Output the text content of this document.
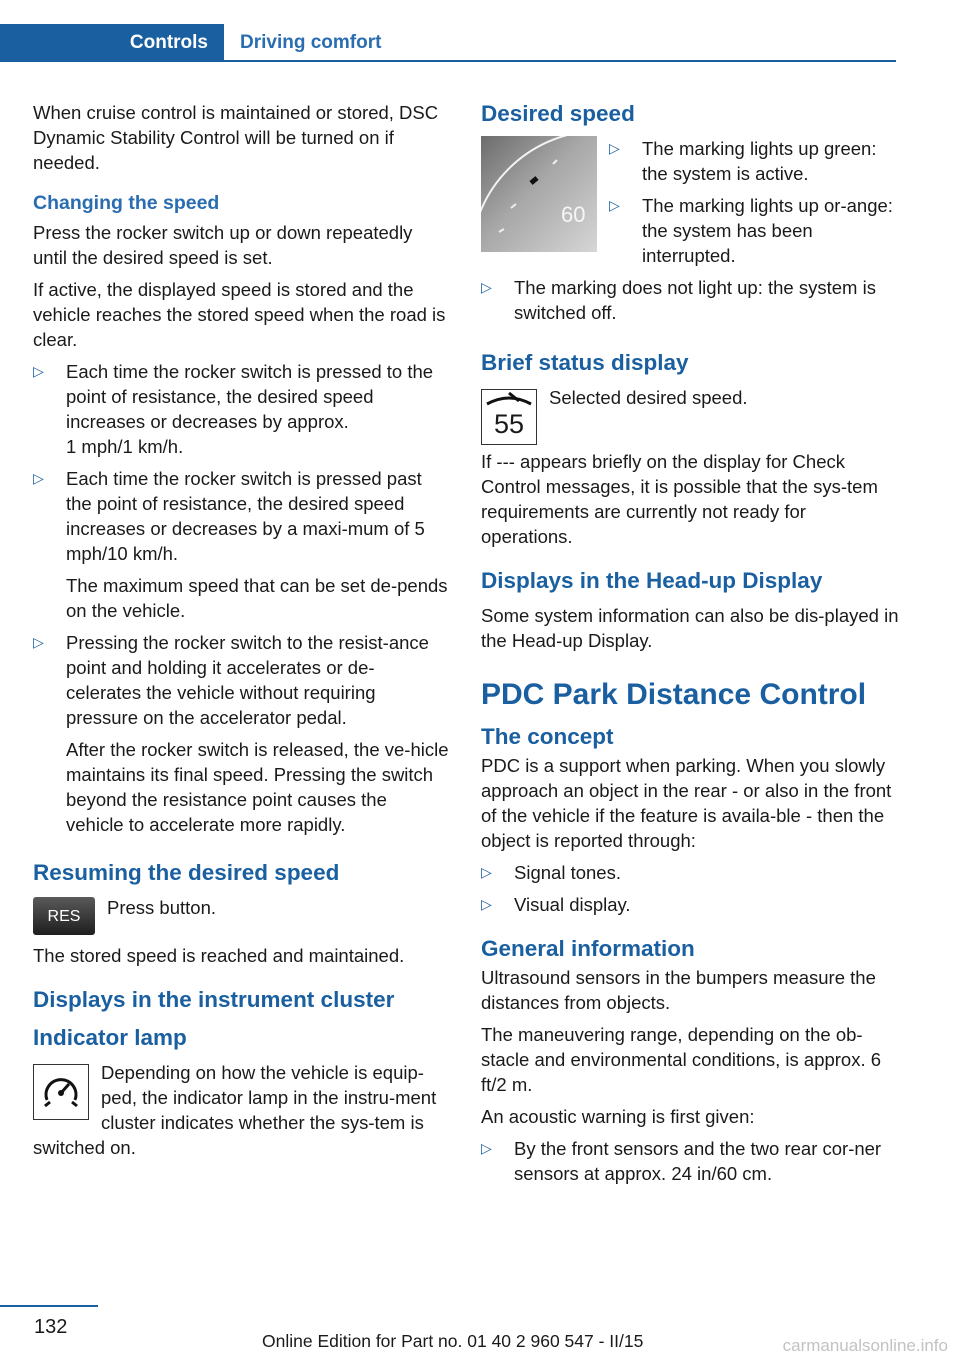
Controls	Driving comfort

When cruise control is maintained or stored, DSC Dynamic Stability Control will be turned on if needed.

Changing the speed

Press the rocker switch up or down repeatedly until the desired speed is set.

If active, the displayed speed is stored and the vehicle reaches the stored speed when the road is clear.

▷ Each time the rocker switch is pressed to the point of resistance, the desired speed increases or decreases by approx.
1 mph/1 km/h.
▷ Each time the rocker switch is pressed past the point of resistance, the desired speed increases or decreases by a maxi-mum of 5 mph/10 km/h.

The maximum speed that can be set de-pends on the vehicle.

▷ Pressing the rocker switch to the resist-ance point and holding it accelerates or de-celerates the vehicle without requiring pressure on the accelerator pedal.

After the rocker switch is released, the ve-hicle maintains its final speed. Pressing the switch beyond the resistance point causes the vehicle to accelerate more rapidly.

Resuming the desired speed
RES	Press button.

The stored speed is reached and maintained.

Displays in the instrument cluster
Indicator lamp

Depending on how the vehicle is equip-ped, the indicator lamp in the instru-ment cluster indicates whether the sys-tem is switched on.

Desired speed
60
▷ The marking lights up green: the system is active.
▷ The marking lights up or-ange: the system has been interrupted.
▷ The marking does not light up: the system is switched off.
Brief status display
55

Selected desired speed.

If --- appears briefly on the display for Check Control messages, it is possible that the sys-tem requirements are currently not ready for operations.

Displays in the Head-up Display

Some system information can also be dis-played in the Head-up Display.

PDC Park Distance Control
The concept

PDC is a support when parking. When you slowly approach an object in the rear - or also in the front of the vehicle if the feature is availa-ble - then the object is reported through:

▷ Signal tones.
▷ Visual display.
General information

Ultrasound sensors in the bumpers measure the distances from objects.

The maneuvering range, depending on the ob-stacle and environmental conditions, is approx. 6 ft/2 m.

An acoustic warning is first given:

▷ By the front sensors and the two rear cor-ner sensors at approx. 24 in/60 cm.
132
Online Edition for Part no. 01 40 2 960 547 - II/15	carmanualsonline.info
